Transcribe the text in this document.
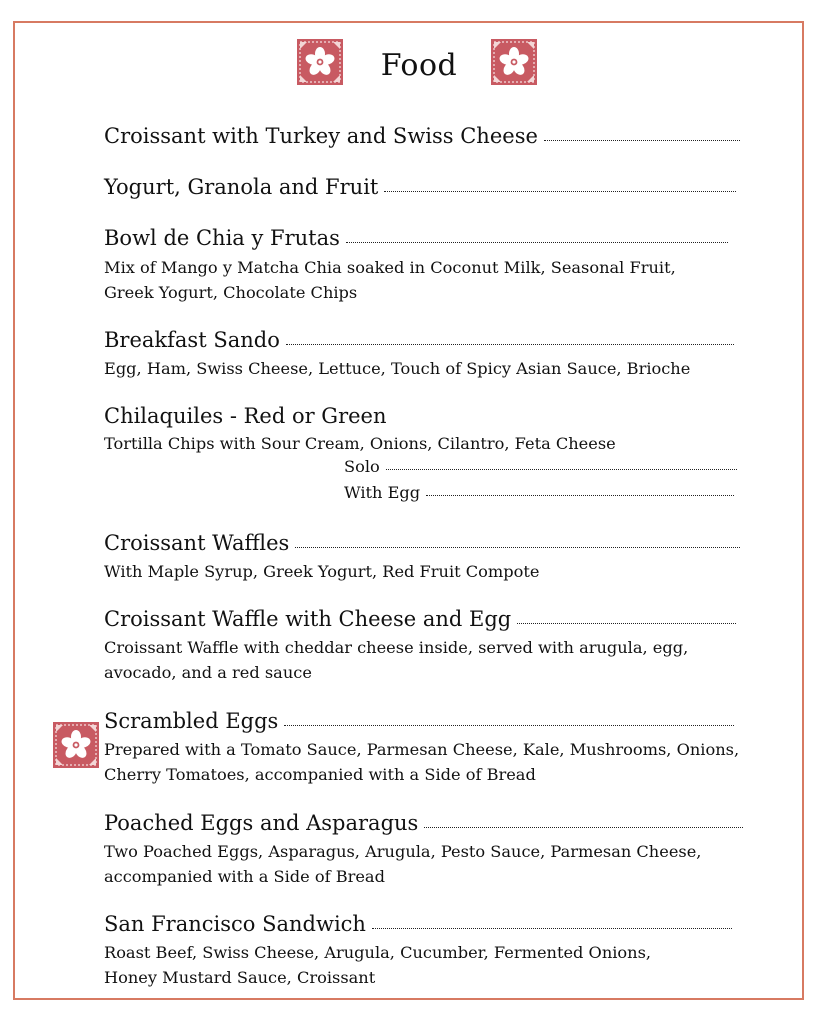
Food
Croissant with Turkey and Swiss Cheese
Yogurt, Granola and Fruit
Bowl de Chia y Frutas
Mix of Mango y Matcha Chia soaked in Coconut Milk, Seasonal Fruit,
Greek Yogurt, Chocolate Chips
Breakfast Sando
Egg, Ham, Swiss Cheese, Lettuce, Touch of Spicy Asian Sauce, Brioche
Chilaquiles - Red or Green
Tortilla Chips with Sour Cream, Onions, Cilantro, Feta Cheese
Solo
With Egg
Croissant Waffles
With Maple Syrup, Greek Yogurt, Red Fruit Compote
Croissant Waffle with Cheese and Egg
Croissant Waffle with cheddar cheese inside, served with arugula, egg,
avocado, and a red sauce
Scrambled Eggs
Prepared with a Tomato Sauce, Parmesan Cheese, Kale, Mushrooms, Onions,
Cherry Tomatoes, accompanied with a Side of Bread
Poached Eggs and Asparagus
Two Poached Eggs, Asparagus, Arugula, Pesto Sauce, Parmesan Cheese,
accompanied with a Side of Bread
San Francisco Sandwich
Roast Beef, Swiss Cheese, Arugula, Cucumber, Fermented Onions,
Honey Mustard Sauce, Croissant
